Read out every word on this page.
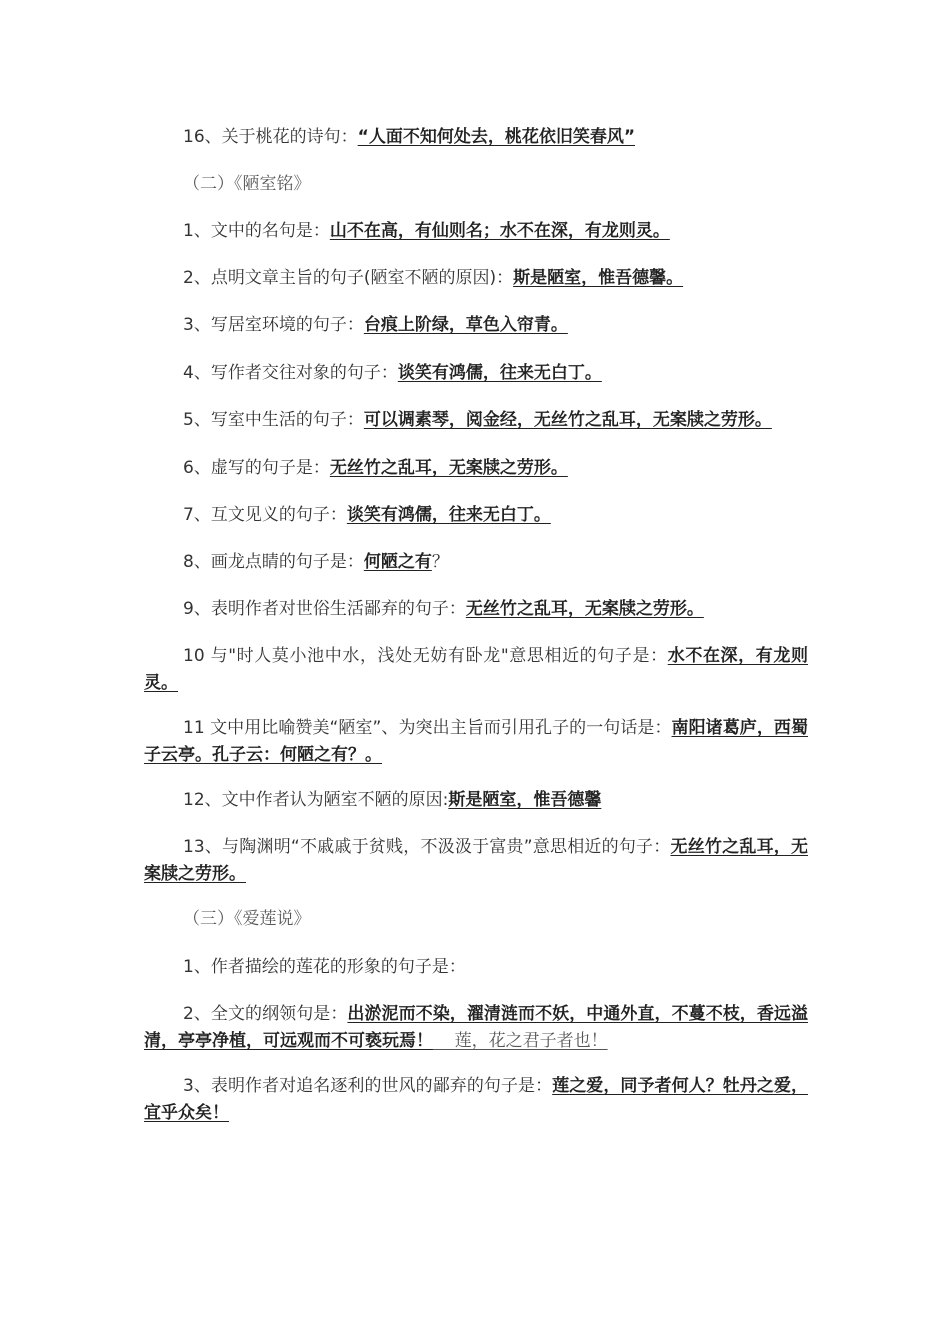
16、关于桃花的诗句：“人面不知何处去，桃花依旧笑春风”
（二）《陋室铭》
1、文中的名句是：山不在高，有仙则名；水不在深，有龙则灵。
2、点明文章主旨的句子(陋室不陋的原因)：斯是陋室，惟吾德馨。
3、写居室环境的句子：台痕上阶绿，草色入帘青。
4、写作者交往对象的句子：谈笑有鸿儒，往来无白丁。
5、写室中生活的句子：可以调素琴，阅金经，无丝竹之乱耳，无案牍之劳形。
6、虚写的句子是：无丝竹之乱耳，无案牍之劳形。
7、互文见义的句子：谈笑有鸿儒，往来无白丁。
8、画龙点睛的句子是：何陋之有？
9、表明作者对世俗生活鄙弃的句子：无丝竹之乱耳，无案牍之劳形。
10 与"时人莫小池中水，浅处无妨有卧龙"意思相近的句子是：水不在深，有龙则灵。
11 文中用比喻赞美“陋室”、为突出主旨而引用孔子的一句话是：南阳诸葛庐，西蜀子云亭。孔子云：何陋之有？。
12、文中作者认为陋室不陋的原因:斯是陋室，惟吾德馨
13、与陶渊明“不戚戚于贫贱，不汲汲于富贵”意思相近的句子：无丝竹之乱耳，无案牍之劳形。
（三）《爱莲说》
1、作者描绘的莲花的形象的句子是：
2、全文的纲领句是：出淤泥而不染，濯清涟而不妖，中通外直，不蔓不枝，香远溢清，亭亭净植，可远观而不可亵玩焉！ 莲，花之君子者也！
3、表明作者对追名逐利的世风的鄙弃的句子是：莲之爱，同予者何人？牡丹之爱，宜乎众矣！
